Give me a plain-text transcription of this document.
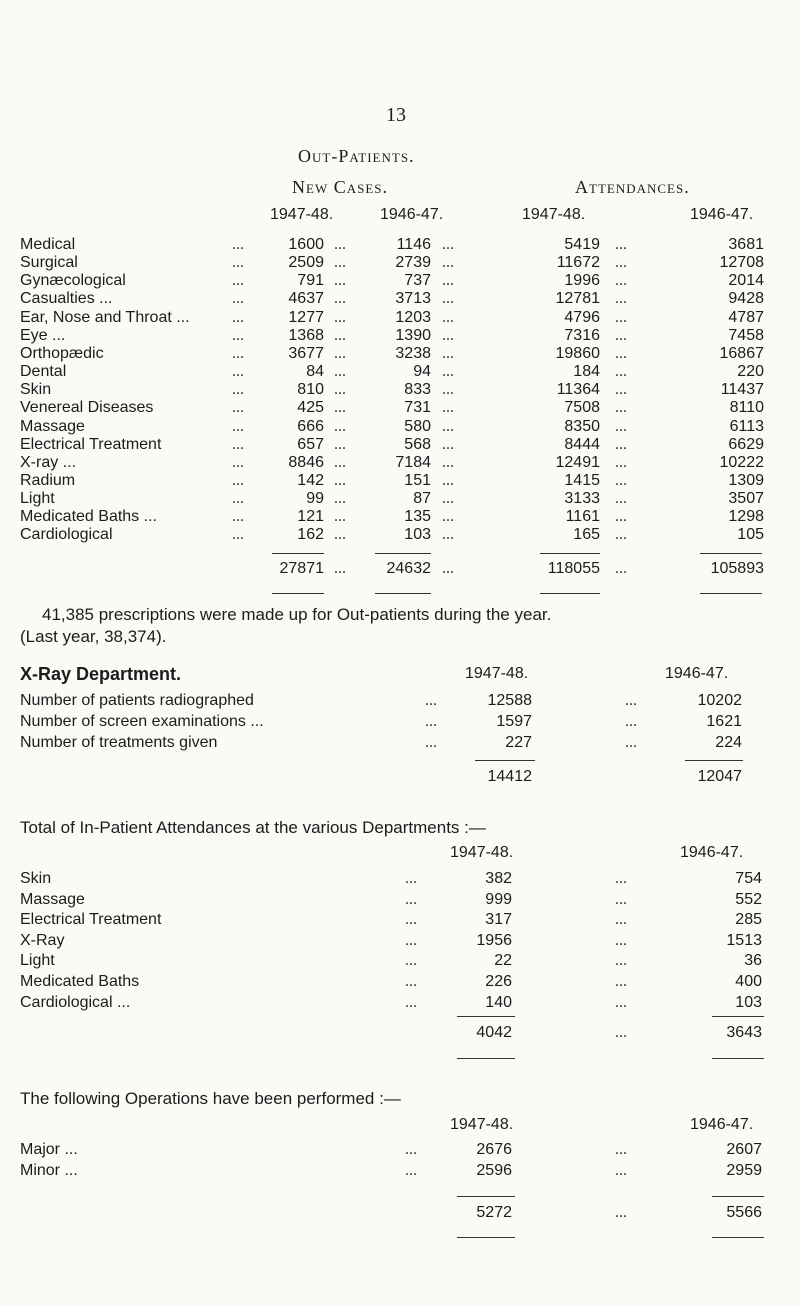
13
Out-Patients.
New Cases.	Attendances.
1947-48.	1946-47.	1947-48.	1946-47.
Medical	...	1600 ...	1146 ...	5419 ...	3681
Surgical	...	2509 ...	2739 ...	11672 ...	12708
Gynæcological	...	791 ...	737 ...	1996 ...	2014
Casualties ...	...	4637 ...	3713 ...	12781 ...	9428
Ear, Nose and Throat ...	...	1277 ...	1203 ...	4796 ...	4787
Eye ...	...	1368 ...	1390 ...	7316 ...	7458
Orthopædic	...	3677 ...	3238 ...	19860 ...	16867
Dental	...	84 ...	94 ...	184 ...	220
Skin	...	810 ...	833 ...	11364 ...	11437
Venereal Diseases	...	425 ...	731 ...	7508 ...	8110
Massage	...	666 ...	580 ...	8350 ...	6113
Electrical Treatment	...	657 ...	568 ...	8444 ...	6629
X-ray ...	...	8846 ...	7184 ...	12491 ...	10222
Radium	...	142 ...	151 ...	1415 ...	1309
Light	...	99 ...	87 ...	3133 ...	3507
Medicated Baths ...	...	121 ...	135 ...	1161 ...	1298
Cardiological	...	162 ...	103 ...	165 ...	105
27871 ...	24632 ...	118055 ...	105893
41,385 prescriptions were made up for Out-patients during the year.
(Last year, 38,374).
X-Ray Department.	1947-48.	1946-47.
Number of patients radiographed	...	12588	...	10202
Number of screen examinations ...	...	1597	...	1621
Number of treatments given	...	227	...	224
14412	12047
Total of In-Patient Attendances at the various Departments :—
1947-48.	1946-47.
Skin	...	382	...	754
Massage	...	999	...	552
Electrical Treatment	...	317	...	285
X-Ray	...	1956	...	1513
Light	...	22	...	36
Medicated Baths	...	226	...	400
Cardiological ...	...	140	...	103
4042	...	3643
The following Operations have been performed :—
1947-48.	1946-47.
Major ...	...	2676	...	2607
Minor ...	...	2596	...	2959
5272	...	5566
